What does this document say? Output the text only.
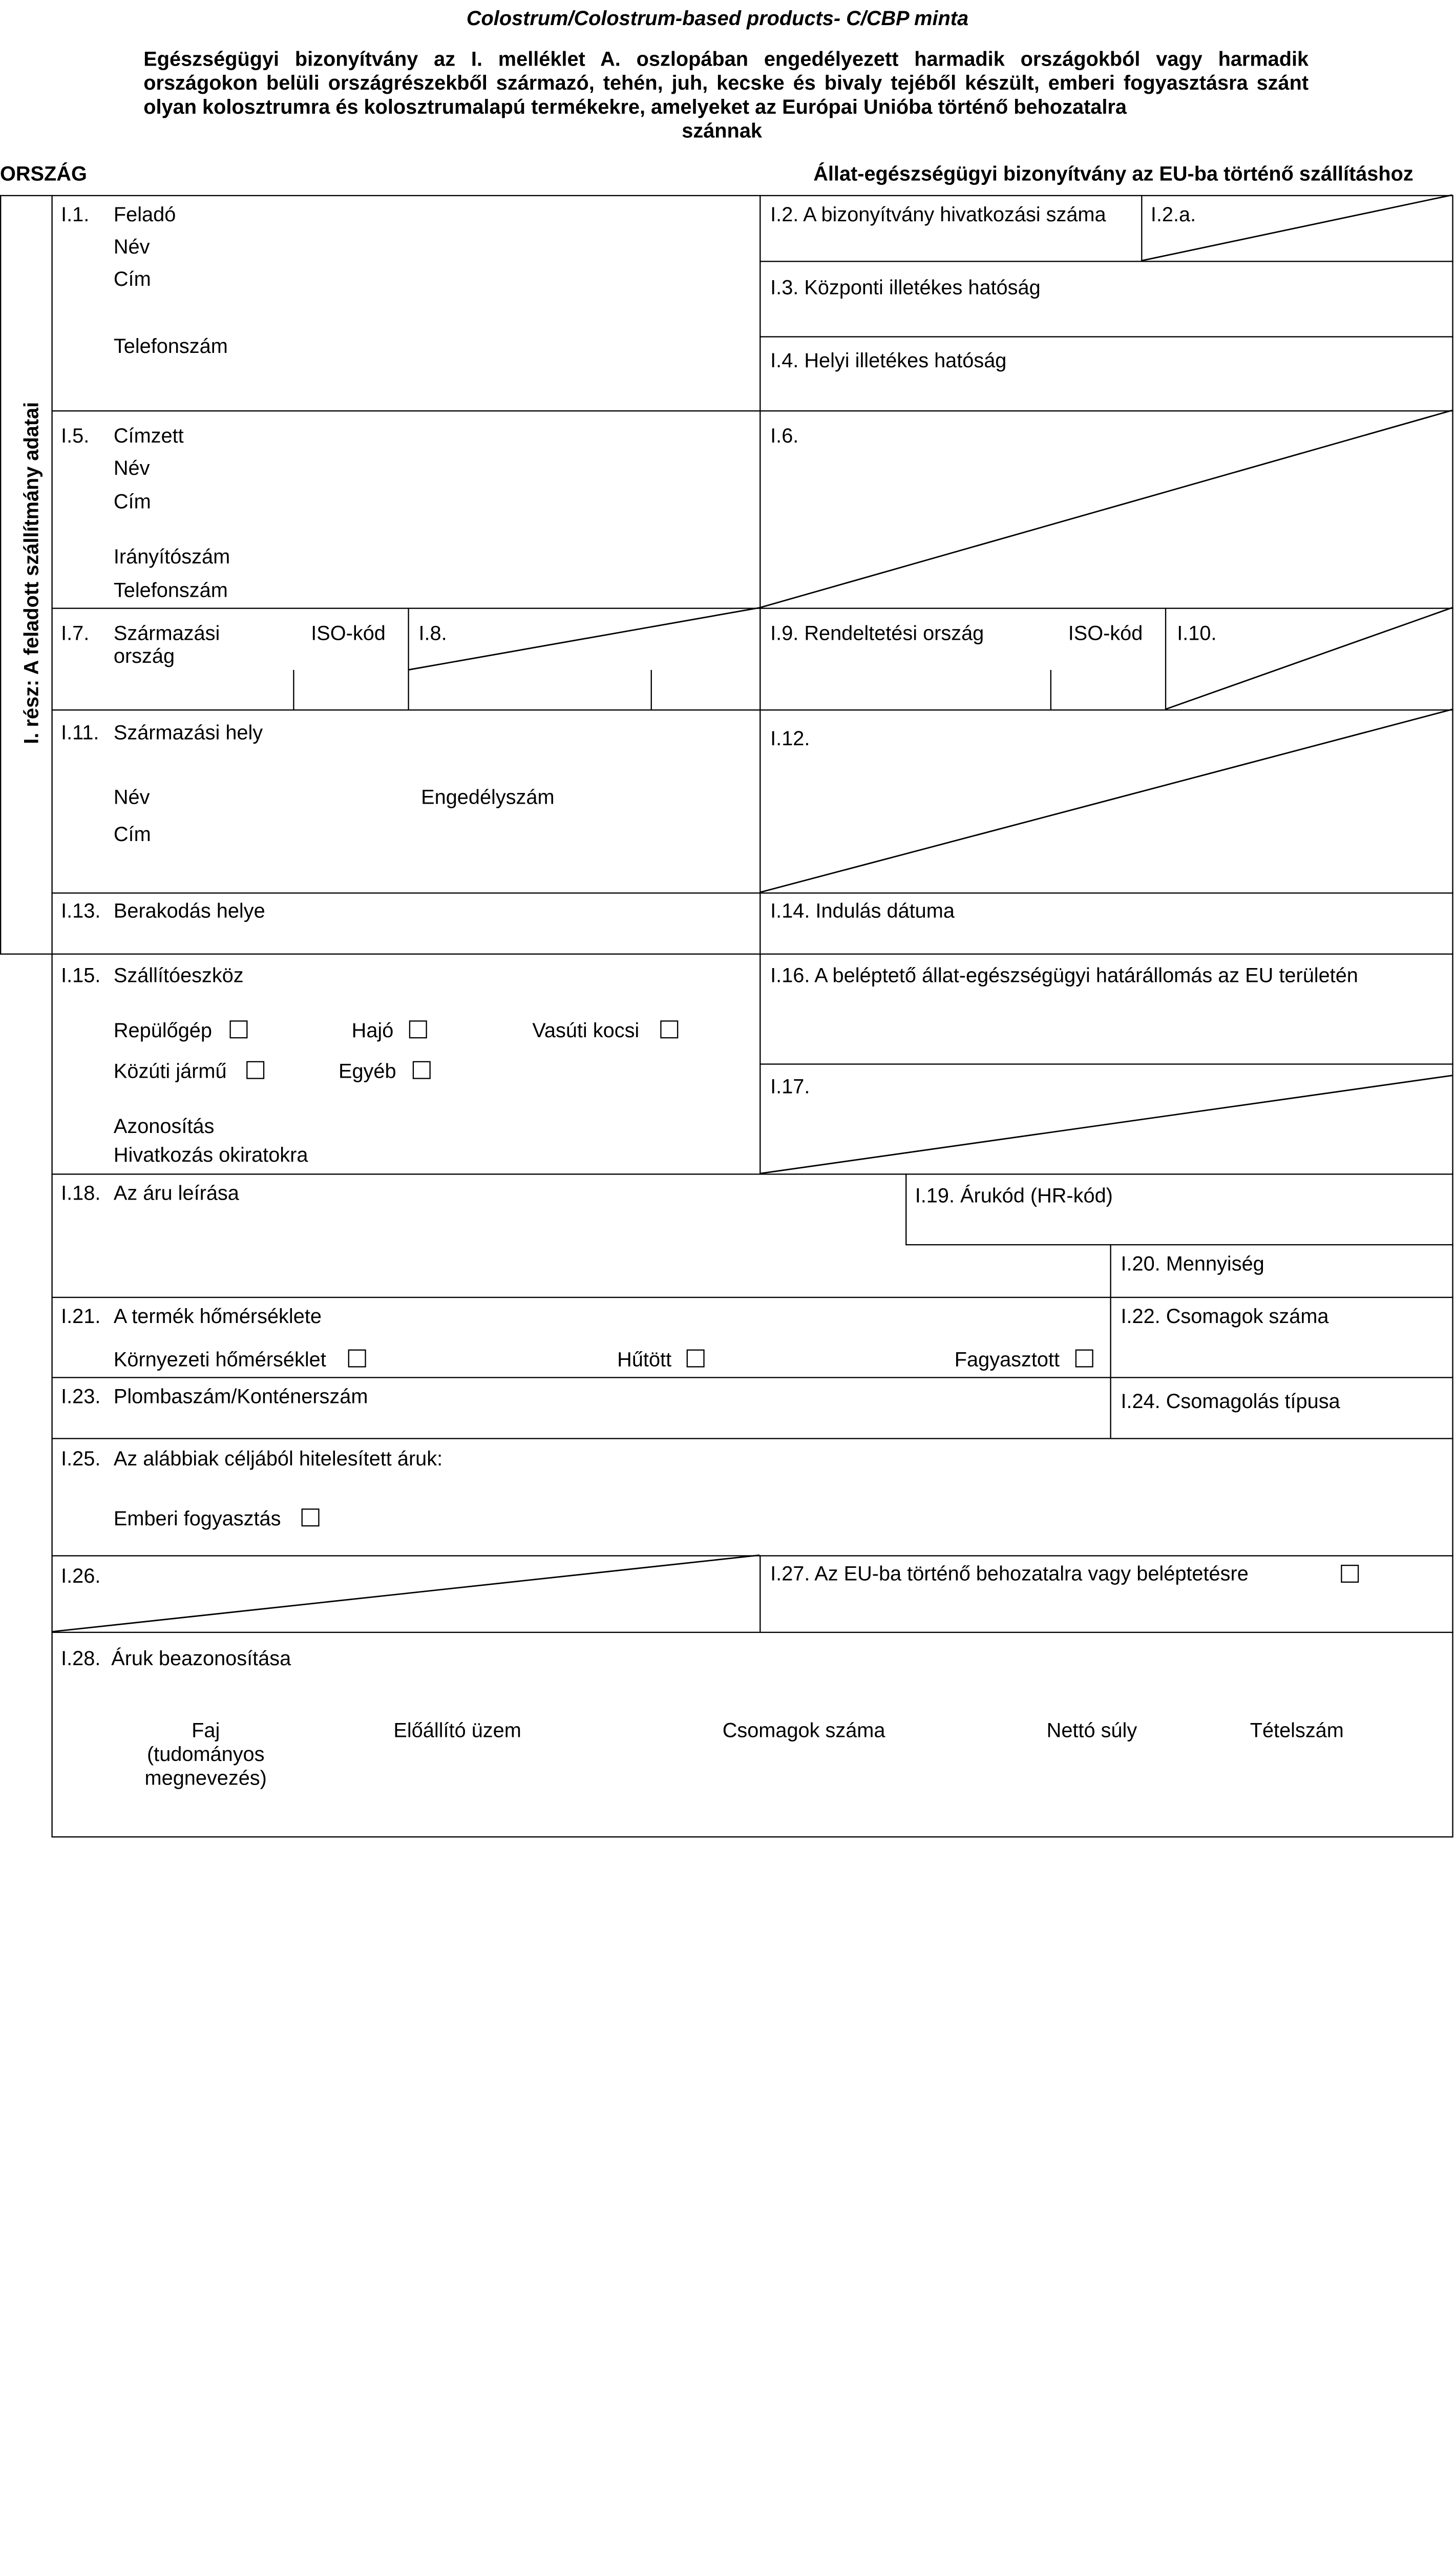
Colostrum/Colostrum-based products- C/CBP minta
Egészségügyi bizonyítvány az I. melléklet A. oszlopában engedélyezett harmadik országokból vagy harmadik országokon belüli országrészekből származó, tehén, juh, kecske és bivaly tejéből készült, emberi fogyasztásra szánt olyan kolosztrumra és kolosztrumalapú termékekre, amelyeket az Európai Unióba történő behozatalra
szánnak
ORSZÁG	Állat-egészségügyi bizonyítvány az EU-ba történő szállításhoz
I. rész: A feladott szállítmány adatai
I.1.	Feladó
Név
Cím
Telefonszám
I.2. A bizonyítvány hivatkozási száma	I.2.a.
I.3. Központi illetékes hatóság
I.4. Helyi illetékes hatóság
I.5.	Címzett
Név
Cím
Irányítószám
Telefonszám
I.6.
I.7.	Származási
ország
ISO-kód	I.8.	I.9. Rendeltetési ország	ISO-kód	I.10.
I.11. Származási hely
Név	Engedélyszám
Cím
I.12.
I.13. Berakodás helye	I.14. Indulás dátuma
I.15. Szállítóeszköz
Repülőgép	Hajó	Vasúti kocsi
Közúti jármű	Egyéb
Azonosítás
Hivatkozás okiratokra
I.16. A beléptető állat-egészségügyi határállomás az EU területén
I.17.
I.18. Az áru leírása	I.19. Árukód (HR-kód)
I.20. Mennyiség
I.21. A termék hőmérséklete
Környezeti hőmérséklet	Hűtött	Fagyasztott
I.22. Csomagok száma
I.23. Plombaszám/Konténerszám	I.24. Csomagolás típusa
I.25. Az alábbiak céljából hitelesített áruk:
Emberi fogyasztás
I.26.	I.27. Az EU-ba történő behozatalra vagy beléptetésre
I.28. Áruk beazonosítása
Faj
(tudományos
megnevezés)
Előállító üzem	Csomagok száma	Nettó súly	Tételszám
